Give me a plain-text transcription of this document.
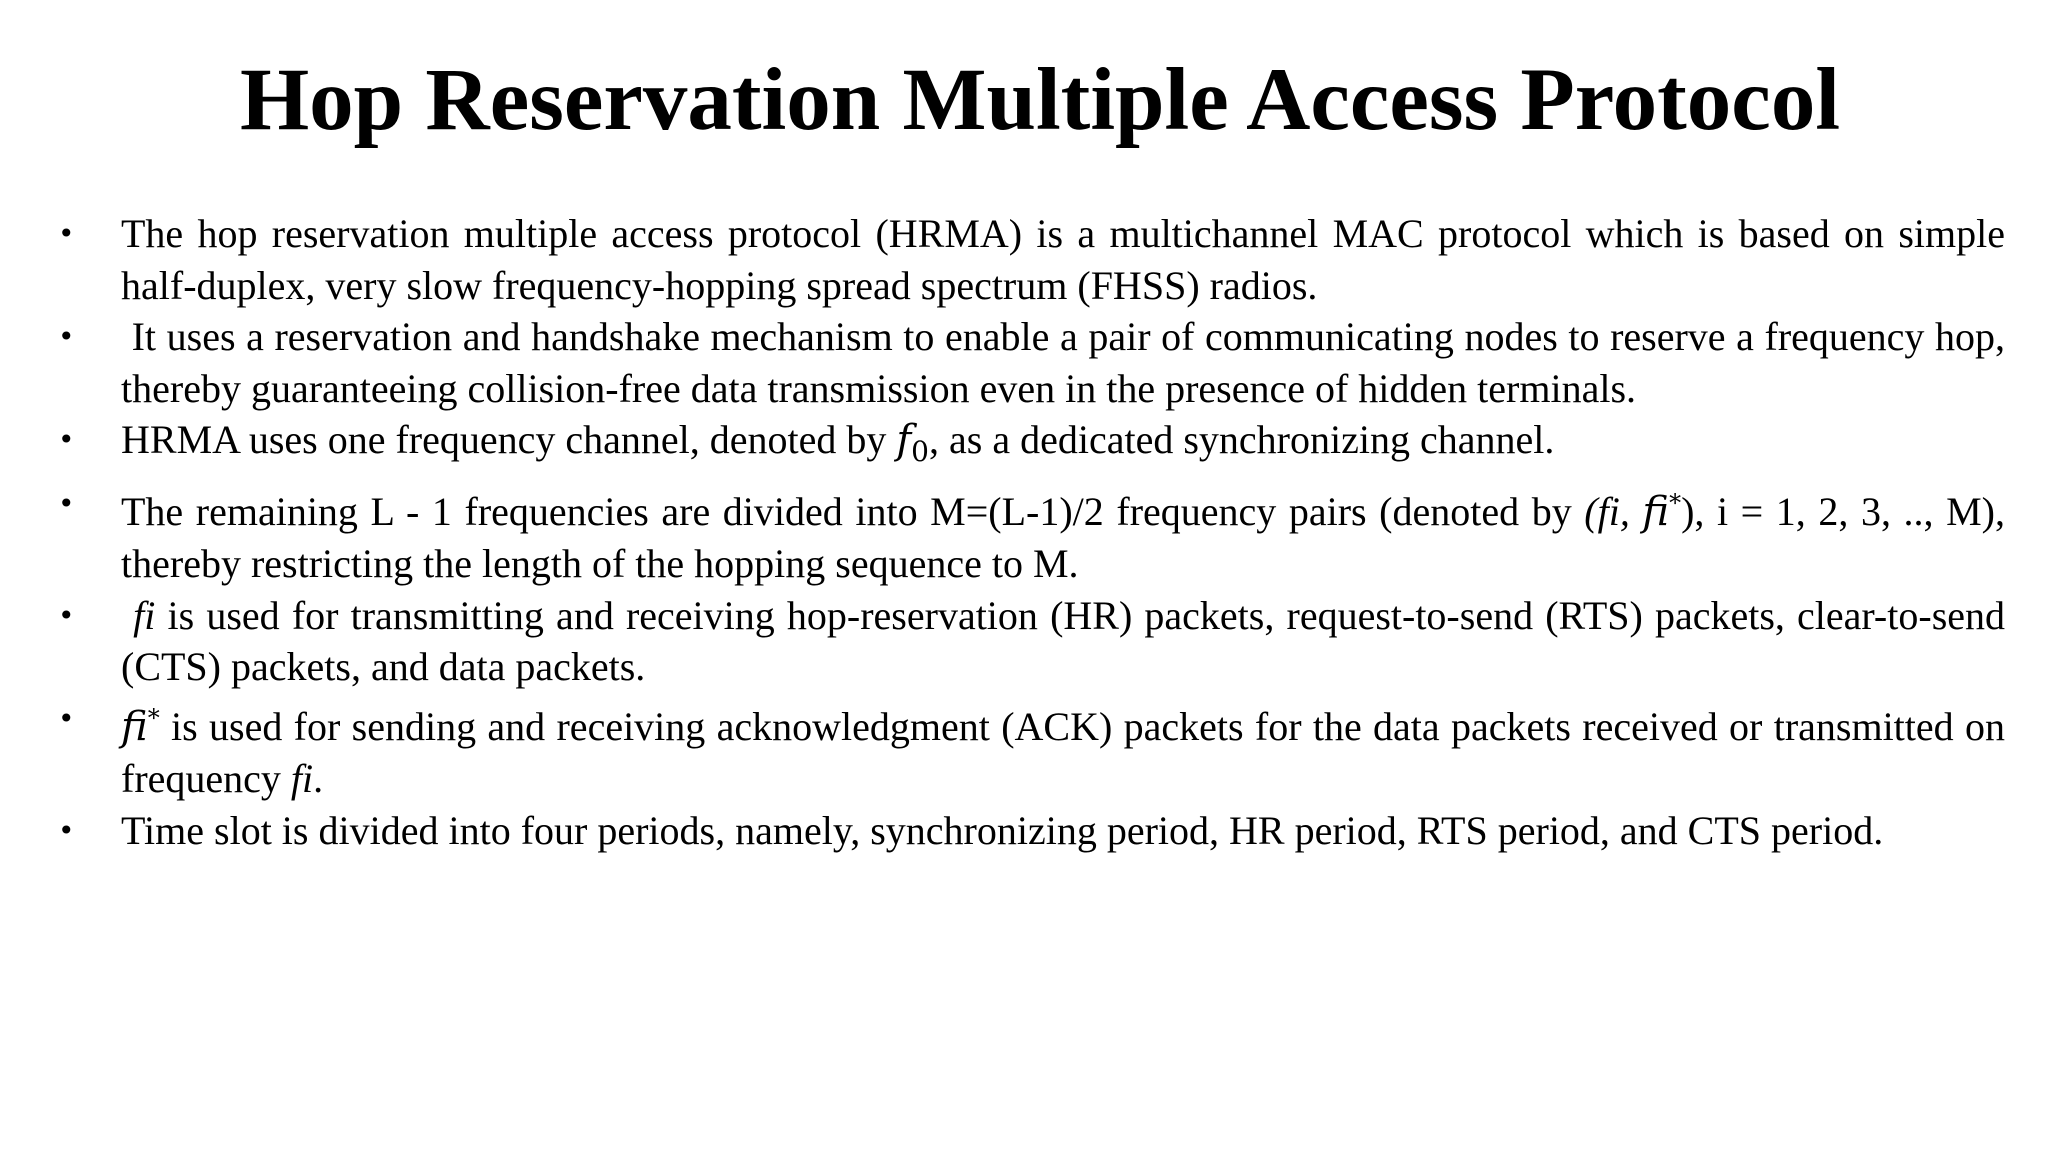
Hop Reservation Multiple Access Protocol
•	The hop reservation multiple access protocol (HRMA) is a multichannel MAC protocol which is based on simple half-duplex, very slow frequency-hopping spread spectrum (FHSS) radios.
•	It uses a reservation and handshake mechanism to enable a pair of communicating nodes to reserve a frequency hop, thereby guaranteeing collision-free data transmission even in the presence of hidden terminals.
•	HRMA uses one frequency channel, denoted by $f_0$, as a dedicated synchronizing channel.
•	The remaining L - 1 frequencies are divided into M=(L-1)/2 frequency pairs (denoted by (fi, fi*), i = 1, 2, 3, .., M), thereby restricting the length of the hopping sequence to M.
•	fi is used for transmitting and receiving hop-reservation (HR) packets, request-to-send (RTS) packets, clear-to-send (CTS) packets, and data packets.
•	fi* is used for sending and receiving acknowledgment (ACK) packets for the data packets received or transmitted on frequency fi.
•	Time slot is divided into four periods, namely, synchronizing period, HR period, RTS period, and CTS period.
